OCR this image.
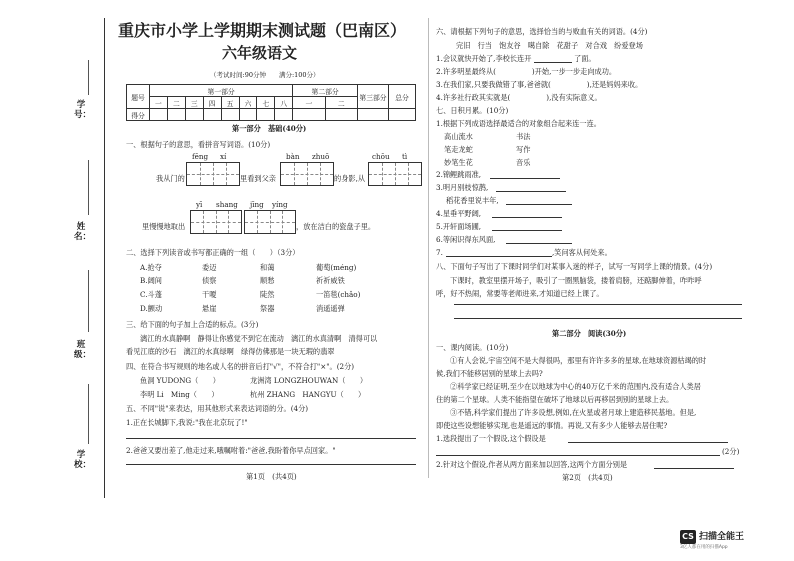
学号：
姓名：
班级：
学校：
重庆市小学上学期期末测试题（巴南区）
六年级语文
（考试时间:90分钟　　满分:100分）
题号	第一部分								第二部分		第三部分	总分
	一	二	三	四	五	六	七	八	一	二		
得分												
第一部分　基础(40分)
一、根据句子的意思，看拼音写词语。(10分)
fēng xí	bàn zhuō	chōu tì
我从门的	里看到父亲	的身影,从
yī shang jīng yíng
里慢慢地取出	，放在洁白的瓷盘子里。
二、选择下列读音或书写都正确的一组（　　）（3分）
A.抢夺	委迈	和蔼	葡萄(méng)
B.阔间	侦察	顺愁	祈祈威铁
C.斗蓬	干嗄	陡然	一笛毯(chǎo)
D.颤动	悬崖	祭器	消遥遥弹
三、给下面的句子加上合适的标点。(3分)
漓江的水真静啊　静得让你感觉不到它在流动　漓江的水真清啊　清得可以
看见江底的沙石　漓江的水真绿啊　绿得仿佛那是一块无瑕的翡翠
四、在符合书写规则的地名或人名的拼音后打"√"，不符合打"×"。(2分)
鱼洞 YUDONG（　　）	龙洲湾 LONGZHOUWAN（　　）
李明 Li　Ming（　　）	杭州 ZHANG　HANGYU（　　）
五、不同"说"来表达，用其他形式来表达词语的分。(4分)
1.正在长城脚下,我说:"我在北京玩了!"
2.爸爸又要出差了,他走过来,哦嘱咐着:"爸爸,我盼着你早点回家。"
第1页　(共4页)
六、请根据下列句子的意思，选择恰当的与败血有关的词语。(4分)
完旧　行当　饱友谷　噶自除　花甜子　对合戏　纷爱登场
1.会议就快开始了,李校长连开	了面。
2.许多明星最终从(　　　　　)开始,一步一步走向成功。
3.在我们家,只要我做错了事,爸爸就(　　　　　),还是妈妈来收。
4.许多社行政其实就是(　　　　　),没有实际意义。
七、日积月累。(10分)
1.根据下列成语选择最适合的对象组合起来连一连。
高山流水	书法
笔走龙蛇	写作
妙笔生花	音乐
2.锦鲤跳雨准,
3.明月别枝惊鹊,
稻花香里说丰年,
4.星垂平野阔,
5.开轩面场圃,
6.等闲识得东风面,
7.	,笑问客从何处来。
八、下面句子写出了下课时同学们对某事入迷的样子，试写一写同学上课的情景。(4分)
下课时，教室里摆开场子，吸引了一圈黑脑袋，搂着肩膀，还踮脚伸着，咋咋呼
呼，好不热闹，常要等老师进来,才知道已经上课了。
第二部分　阅读(30分)
一、课内阅读。(10分)
①有人会说,宇宙空间不是大得很吗，那里有许许多多的星球,在地球资源枯竭的时
候,我们不能移居别的星球上去吗?
②科学家已经证明,至少在以地球为中心的40万亿千米的范围内,没有适合人类居
住的第二个星球。人类不能指望在破坏了地球以后再移居到别的星球上去。
③不错,科学家们提出了许多设想,例如,在火星或者月球上建造移民基地。但是,
即使这些设想能够实现,也是遥远的事情。再说,又有多少人能够去居住呢?
1.选段提出了一个假设,这个假设是
(2分)
2.针对这个假设,作者从两方面来加以回答,这两个方面分别是
第2页　(共4页)
CS 扫描全能王
3亿人都在用的扫描App
